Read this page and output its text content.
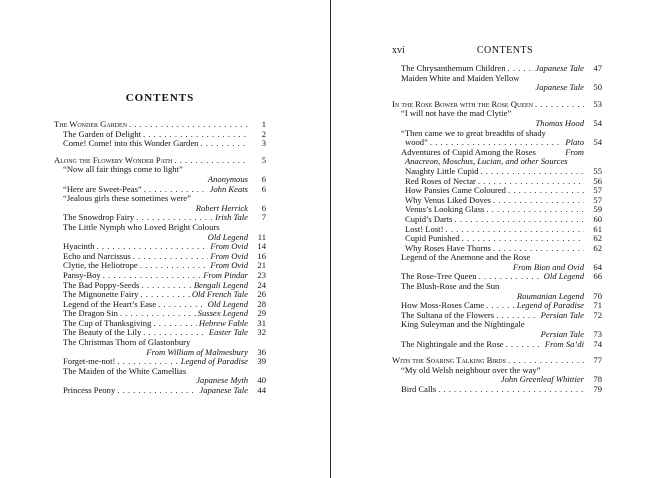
CONTENTS
The Wonder Garden . . .	1
The Garden of Delight . . .	2
Come! Come! into this Wonder Garden . . .	3
Along the Flowery Wonder Path . . .	5
“Now all fair things come to light”
Anonymous	6
“Here are Sweet-Peas” . . .	John Keats	6
“Jealous girls these sometimes were”
Robert Herrick	6
The Snowdrop Fairy . . .	Irish Tale	7
The Little Nymph who Loved Bright Colours
Old Legend	11
Hyacinth . . .	From Ovid	14
Echo and Narcissus . . .	From Ovid	16
Clytie, the Heliotrope . . .	From Ovid	21
Pansy-Boy . . .	From Pindar	23
The Bad Poppy-Seeds . . .	Bengali Legend	24
The Mignonette Fairy . . .	Old French Tale	26
Legend of the Heart’s Ease . . .	Old Legend	28
The Dragon Sin . . .	Sussex Legend	29
The Cup of Thanksgiving . . .	Hebrew Fable	31
The Beauty of the Lily . . .	Easter Tale	32
The Christmas Thorn of Glastonbury
From William of Malmesbury	36
Forget-me-not! . . .	Legend of Paradise	39
The Maiden of the White Camellias
Japanese Myth	40
Princess Peony . . .	Japanese Tale	44
xvi	CONTENTS
The Chrysanthemum Children . . .	Japanese Tale	47
Maiden White and Maiden Yellow
Japanese Tale	50
In the Rose Bower with the Rose Queen . . .	53
“I will not have the mad Clytie”
Thomas Hood	54
“Then came we to great breadths of shady
wood” . . .	Plato	54
Adventures of Cupid Among the Roses	From
Anacreon, Moschus, Lucian, and other Sources
Naughty Little Cupid . . .	55
Red Roses of Nectar . . .	56
How Pansies Came Coloured . . .	57
Why Venus Liked Doves . . .	57
Venus’s Looking Glass . . .	59
Cupid’s Darts . . .	60
Lost! Lost! . . .	61
Cupid Punished . . .	62
Why Roses Have Thorns . . .	62
Legend of the Anemone and the Rose
From Bion and Ovid	64
The Rose-Tree Queen . . .	Old Legend	66
The Blush-Rose and the Sun
Roumanian Legend	70
How Moss-Roses Came . . .	Legend of Paradise	71
The Sultana of the Flowers . . .	Persian Tale	72
King Suleyman and the Nightingale
Persian Tale	73
The Nightingale and the Rose . . .	From Sa’di	74
With the Soaring Talking Birds . . .	77
“My old Welsh neighbour over the way”
John Greenleaf Whittier	78
Bird Calls . . .	79
